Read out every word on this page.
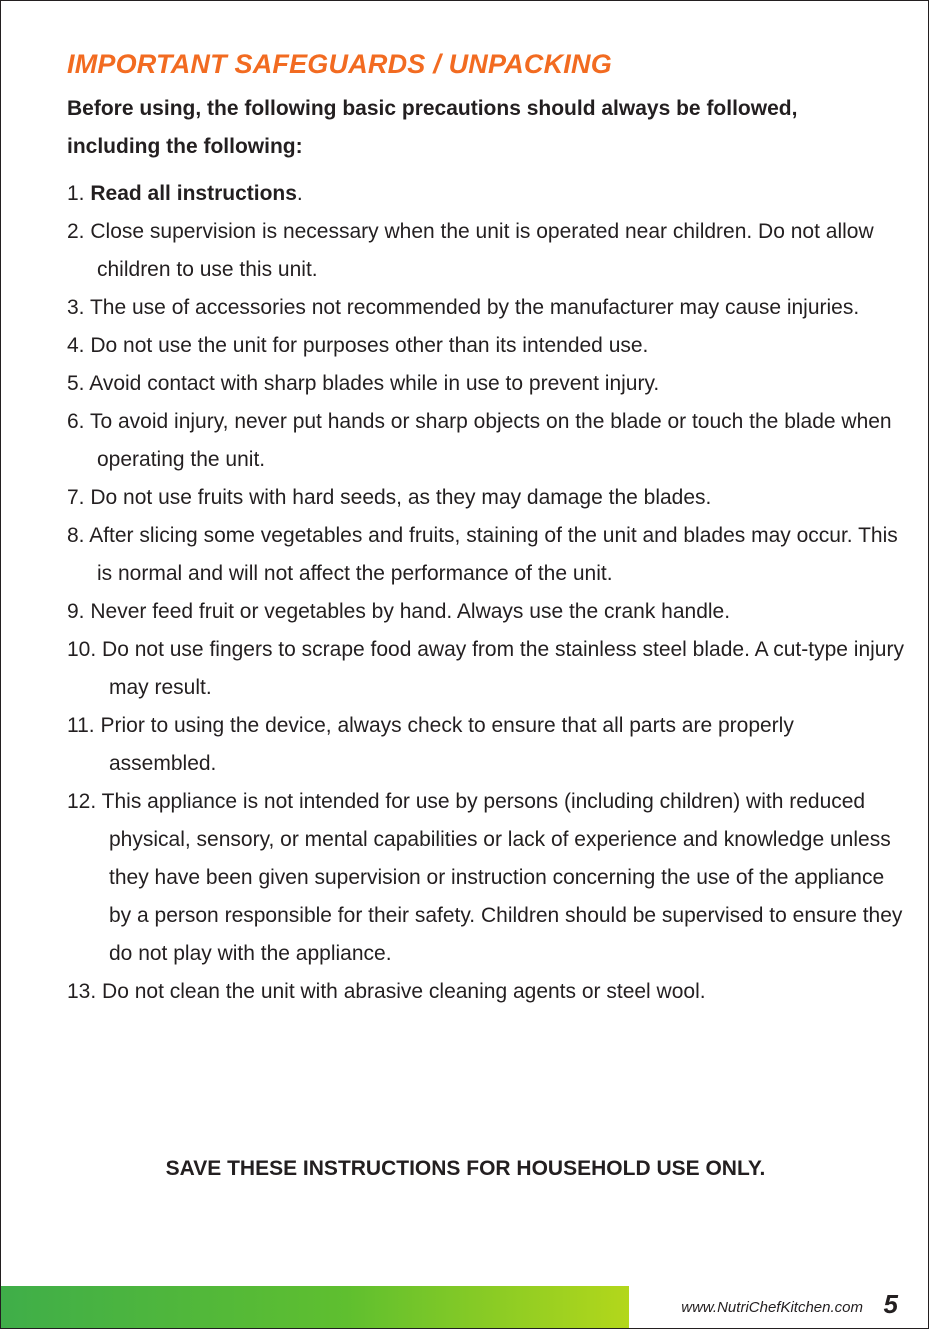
IMPORTANT SAFEGUARDS / UNPACKING
Before using, the following basic precautions should always be followed, including the following:
1. Read all instructions.
2. Close supervision is necessary when the unit is operated near children. Do not allow children to use this unit.
3. The use of accessories not recommended by the manufacturer may cause injuries.
4. Do not use the unit for purposes other than its intended use.
5. Avoid contact with sharp blades while in use to prevent injury.
6. To avoid injury, never put hands or sharp objects on the blade or touch the blade when operating the unit.
7. Do not use fruits with hard seeds, as they may damage the blades.
8. After slicing some vegetables and fruits, staining of the unit and blades may occur. This is normal and will not affect the performance of the unit.
9. Never feed fruit or vegetables by hand. Always use the crank handle.
10. Do not use fingers to scrape food away from the stainless steel blade. A cut-type injury may result.
11. Prior to using the device, always check to ensure that all parts are properly assembled.
12. This appliance is not intended for use by persons (including children) with reduced physical, sensory, or mental capabilities or lack of experience and knowledge unless they have been given supervision or instruction concerning the use of the appliance by a person responsible for their safety. Children should be supervised to ensure they do not play with the appliance.
13. Do not clean the unit with abrasive cleaning agents or steel wool.
SAVE THESE INSTRUCTIONS FOR HOUSEHOLD USE ONLY.
www.NutriChefKitchen.com 5
